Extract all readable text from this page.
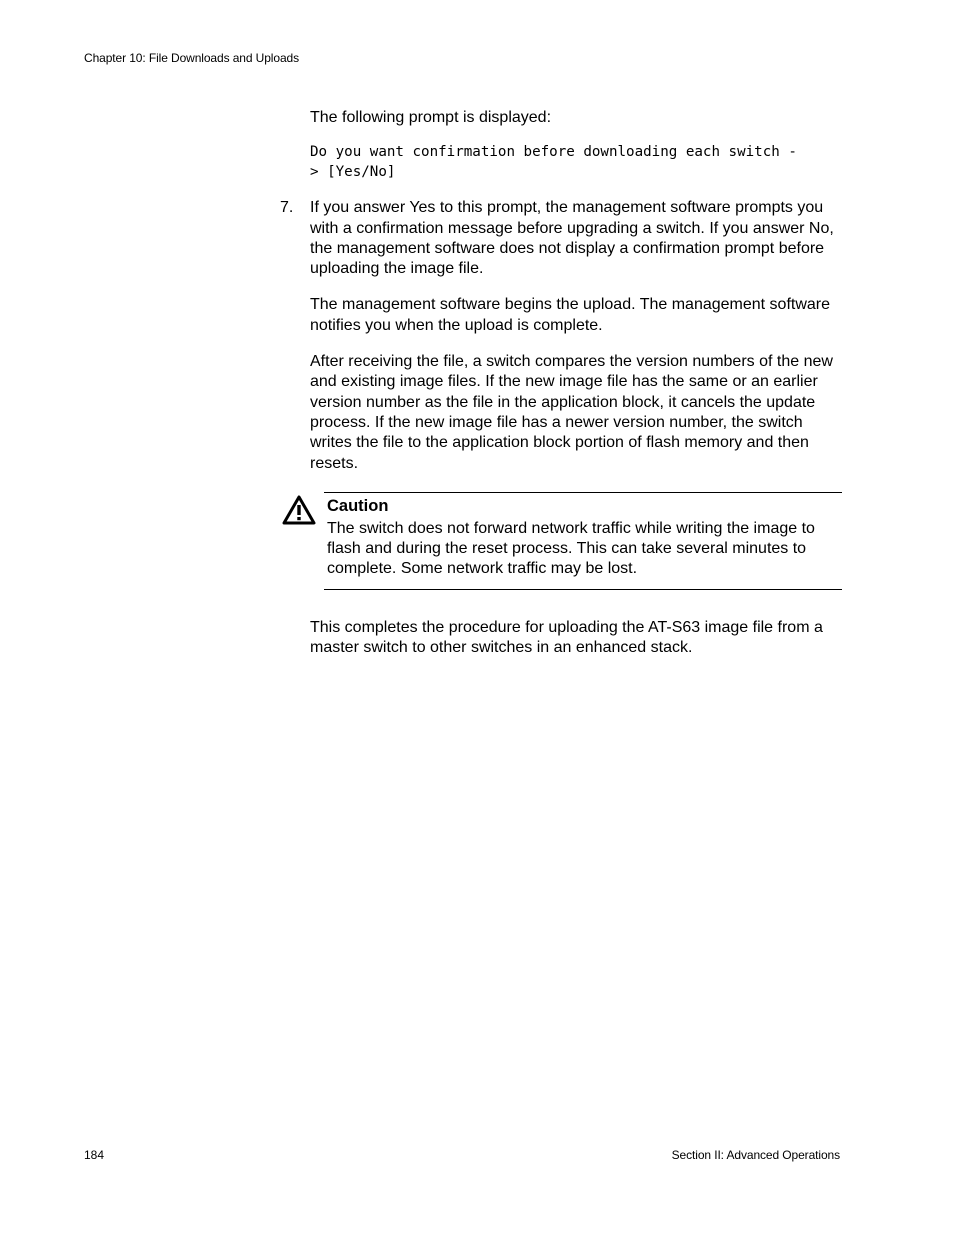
Chapter 10: File Downloads and Uploads

The following prompt is displayed:

Do you want confirmation before downloading each switch -
> [Yes/No]

7. If you answer Yes to this prompt, the management software prompts you with a confirmation message before upgrading a switch. If you answer No, the management software does not display a confirmation prompt before uploading the image file.

The management software begins the upload. The management software notifies you when the upload is complete.

After receiving the file, a switch compares the version numbers of the new and existing image files. If the new image file has the same or an earlier version number as the file in the application block, it cancels the update process. If the new image file has a newer version number, the switch writes the file to the application block portion of flash memory and then resets.

Caution
The switch does not forward network traffic while writing the image to flash and during the reset process. This can take several minutes to complete. Some network traffic may be lost.

This completes the procedure for uploading the AT-S63 image file from a master switch to other switches in an enhanced stack.

184	Section II: Advanced Operations
